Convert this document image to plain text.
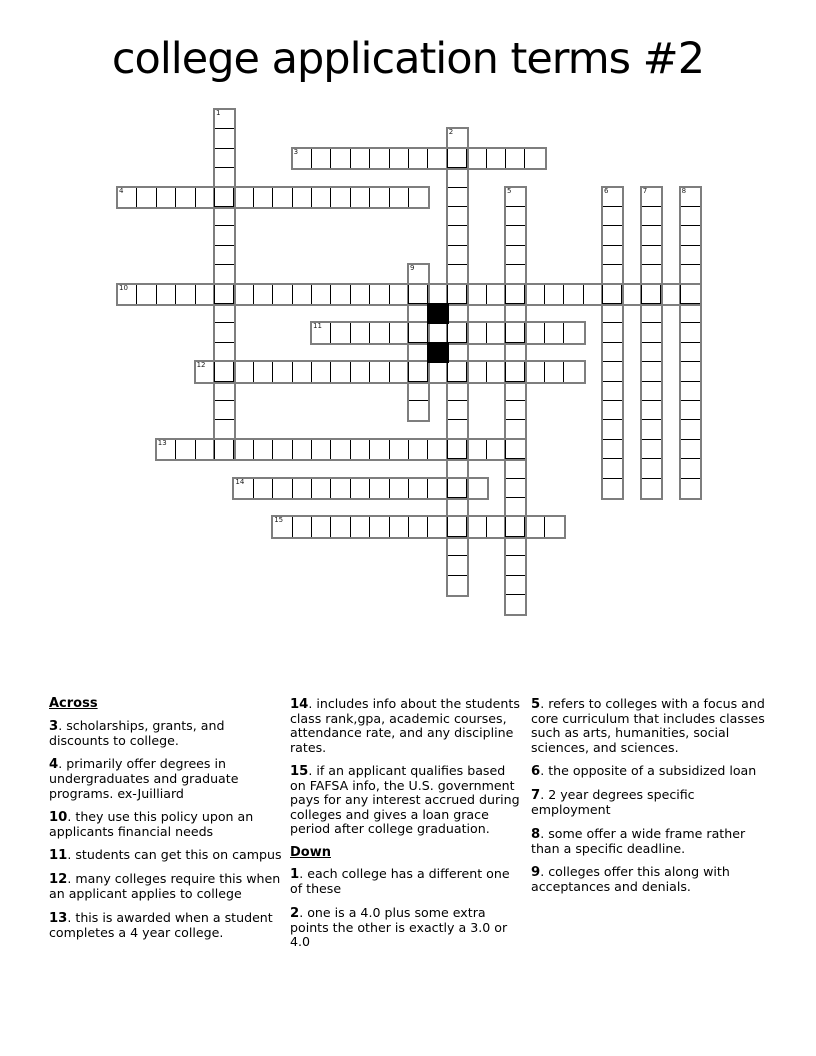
college application terms #2
1
2
5	6	7	8
9
3
4
10
11
12
13
14
15
Across
3. scholarships, grants, and discounts to college.
4. primarily offer degrees in undergraduates and graduate programs. ex-Juilliard
10. they use this policy upon an applicants financial needs
11. students can get this on campus
12. many colleges require this when an applicant applies to college
13. this is awarded when a student completes a 4 year college.
14. includes info about the students class rank,gpa, academic courses, attendance rate, and any discipline rates.
15. if an applicant qualifies based on FAFSA info, the U.S. government pays for any interest accrued during colleges and gives a loan grace period after college graduation.
Down
1. each college has a different one of these
2. one is a 4.0 plus some extra points the other is exactly a 3.0 or 4.0
5. refers to colleges with a focus and core curriculum that includes classes such as arts, humanities, social sciences, and sciences.
6. the opposite of a subsidized loan
7. 2 year degrees specific employment
8. some offer a wide frame rather than a specific deadline.
9. colleges offer this along with acceptances and denials.
